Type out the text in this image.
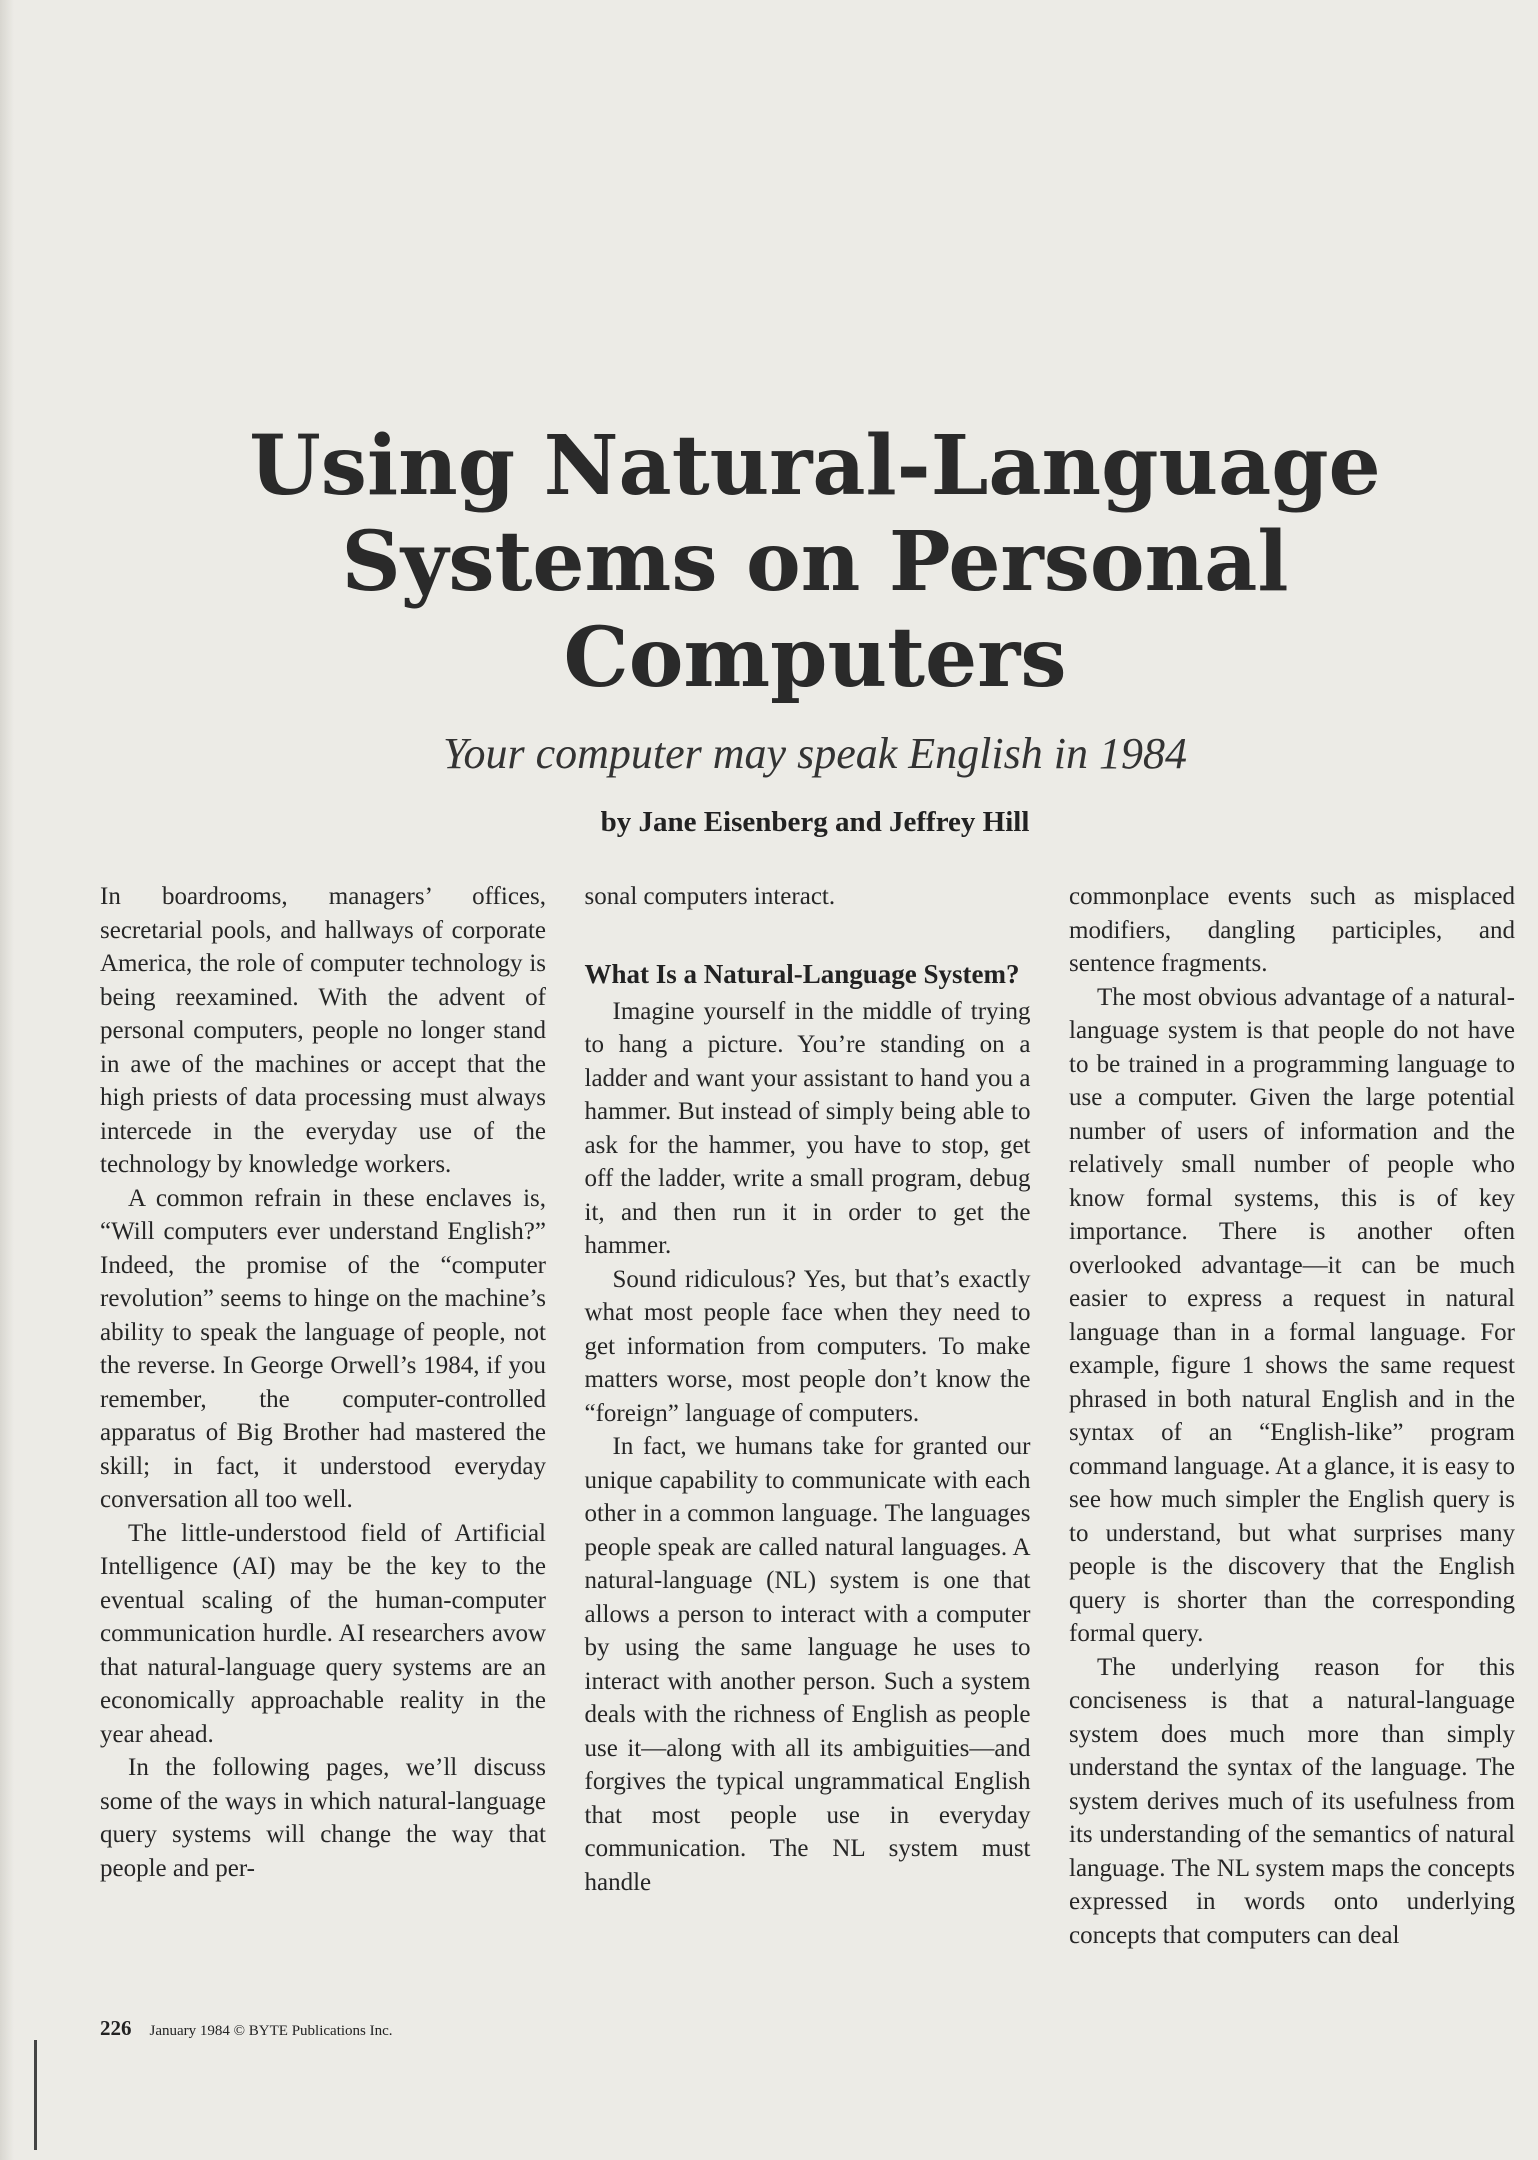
Using Natural-Language Systems on Personal Computers

Your computer may speak English in 1984

by Jane Eisenberg and Jeffrey Hill

In boardrooms, managers’ offices, secretarial pools, and hallways of corporate America, the role of computer technology is being reexamined. With the advent of personal computers, people no longer stand in awe of the machines or accept that the high priests of data processing must always intercede in the everyday use of the technology by knowledge workers.

A common refrain in these enclaves is, “Will computers ever understand English?” Indeed, the promise of the “computer revolution” seems to hinge on the machine’s ability to speak the language of people, not the reverse. In George Orwell’s 1984, if you remember, the computer-controlled apparatus of Big Brother had mastered the skill; in fact, it understood everyday conversation all too well.

The little-understood field of Artificial Intelligence (AI) may be the key to the eventual scaling of the human-computer communication hurdle. AI researchers avow that natural-language query systems are an economically approachable reality in the year ahead.

In the following pages, we’ll discuss some of the ways in which natural-language query systems will change the way that people and per-

sonal computers interact.

What Is a Natural-Language System?

Imagine yourself in the middle of trying to hang a picture. You’re standing on a ladder and want your assistant to hand you a hammer. But instead of simply being able to ask for the hammer, you have to stop, get off the ladder, write a small program, debug it, and then run it in order to get the hammer.

Sound ridiculous? Yes, but that’s exactly what most people face when they need to get information from computers. To make matters worse, most people don’t know the “foreign” language of computers.

In fact, we humans take for granted our unique capability to communicate with each other in a common language. The languages people speak are called natural languages. A natural-language (NL) system is one that allows a person to interact with a computer by using the same language he uses to interact with another person. Such a system deals with the richness of English as people use it—along with all its ambiguities—and forgives the typical ungrammatical English that most people use in everyday communication. The NL system must handle

commonplace events such as misplaced modifiers, dangling participles, and sentence fragments.

The most obvious advantage of a natural-language system is that people do not have to be trained in a programming language to use a computer. Given the large potential number of users of information and the relatively small number of people who know formal systems, this is of key importance. There is another often overlooked advantage—it can be much easier to express a request in natural language than in a formal language. For example, figure 1 shows the same request phrased in both natural English and in the syntax of an “English-like” program command language. At a glance, it is easy to see how much simpler the English query is to understand, but what surprises many people is the discovery that the English query is shorter than the corresponding formal query.

The underlying reason for this conciseness is that a natural-language system does much more than simply understand the syntax of the language. The system derives much of its usefulness from its understanding of the semantics of natural language. The NL system maps the concepts expressed in words onto underlying concepts that computers can deal

226 January 1984 © BYTE Publications Inc.
